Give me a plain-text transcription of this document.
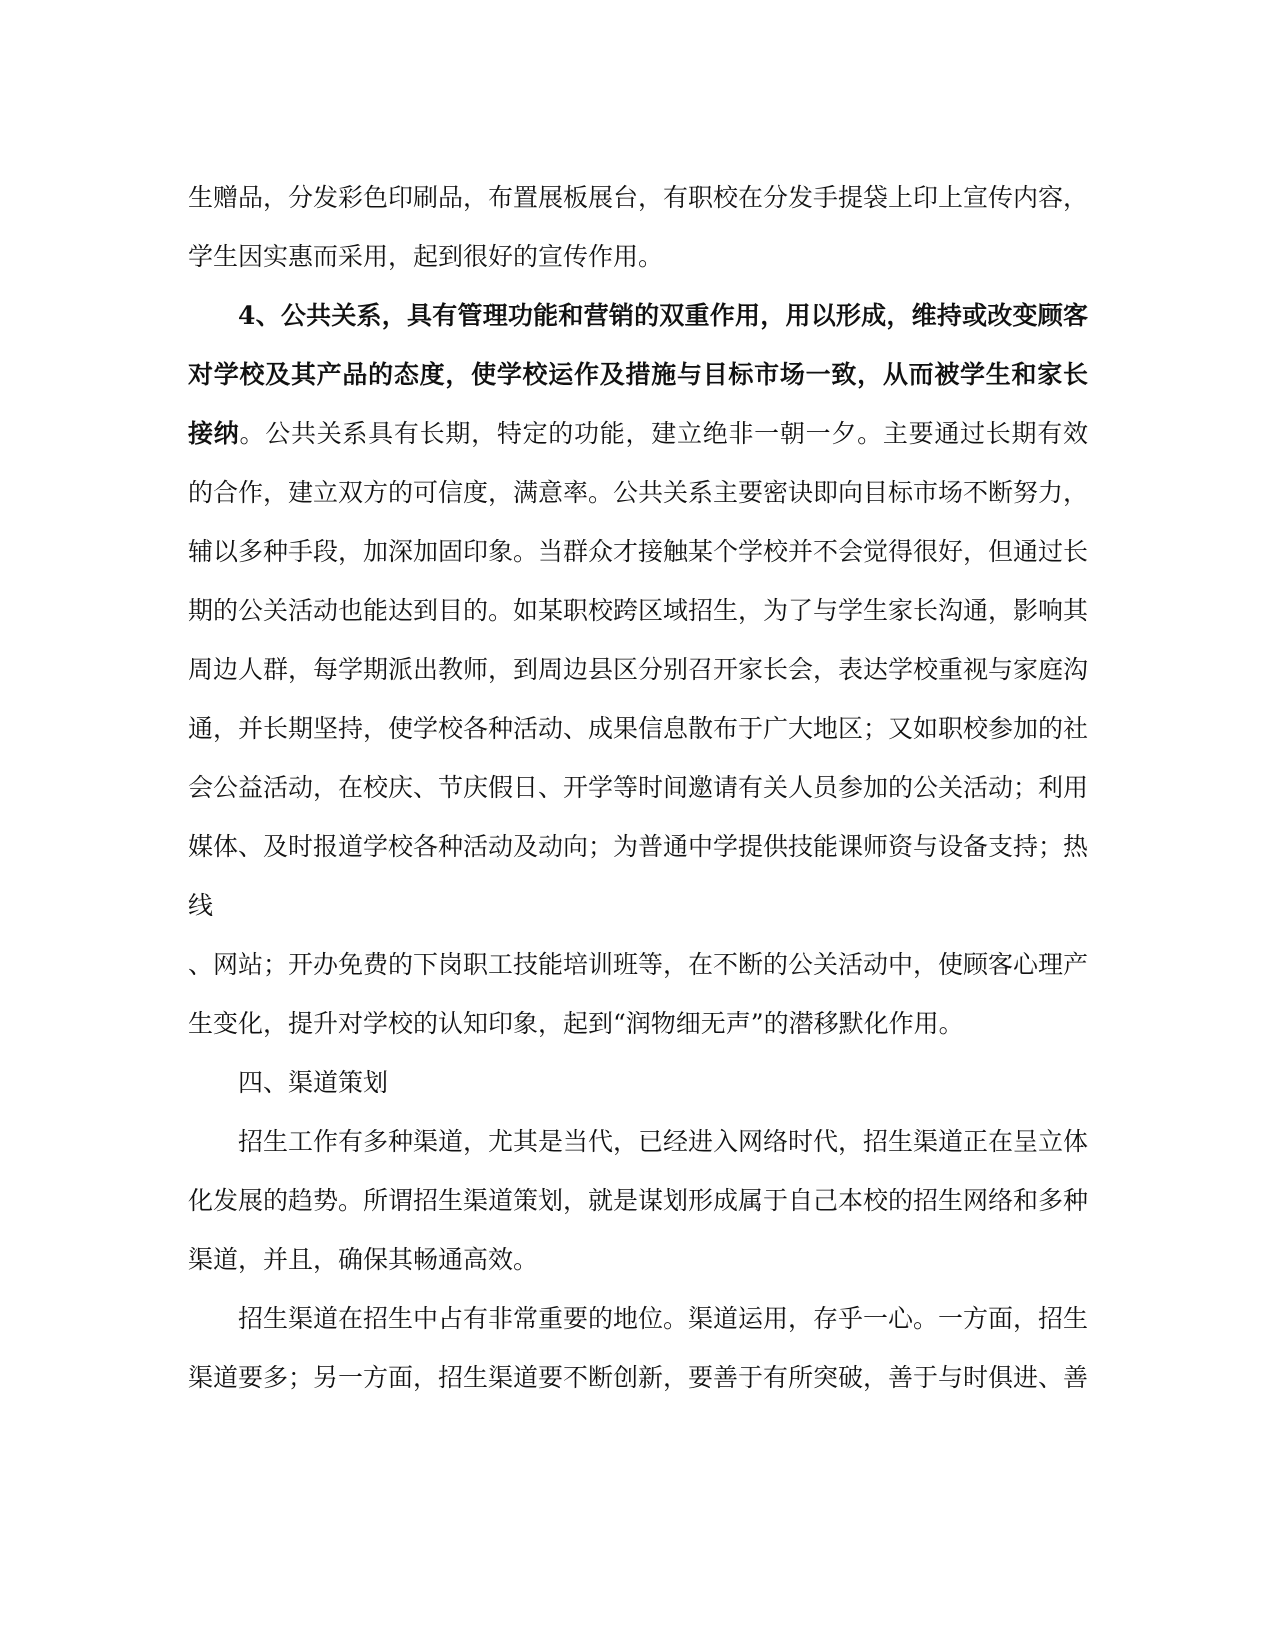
生赠品，分发彩色印刷品，布置展板展台，有职校在分发手提袋上印上宣传内容，
学生因实惠而采用，起到很好的宣传作用。
4、公共关系，具有管理功能和营销的双重作用，用以形成，维持或改变顾客
对学校及其产品的态度，使学校运作及措施与目标市场一致，从而被学生和家长
接纳。公共关系具有长期，特定的功能，建立绝非一朝一夕。主要通过长期有效
的合作，建立双方的可信度，满意率。公共关系主要密诀即向目标市场不断努力，
辅以多种手段，加深加固印象。当群众才接触某个学校并不会觉得很好，但通过长
期的公关活动也能达到目的。如某职校跨区域招生，为了与学生家长沟通，影响其
周边人群，每学期派出教师，到周边县区分别召开家长会，表达学校重视与家庭沟
通，并长期坚持，使学校各种活动、成果信息散布于广大地区；又如职校参加的社
会公益活动，在校庆、节庆假日、开学等时间邀请有关人员参加的公关活动；利用
媒体、及时报道学校各种活动及动向；为普通中学提供技能课师资与设备支持；热
线
、网站；开办免费的下岗职工技能培训班等，在不断的公关活动中，使顾客心理产
生变化，提升对学校的认知印象，起到“润物细无声”的潜移默化作用。
四、渠道策划
招生工作有多种渠道，尤其是当代，已经进入网络时代，招生渠道正在呈立体
化发展的趋势。所谓招生渠道策划，就是谋划形成属于自己本校的招生网络和多种
渠道，并且，确保其畅通高效。
招生渠道在招生中占有非常重要的地位。渠道运用，存乎一心。一方面，招生
渠道要多；另一方面，招生渠道要不断创新，要善于有所突破，善于与时俱进、善
